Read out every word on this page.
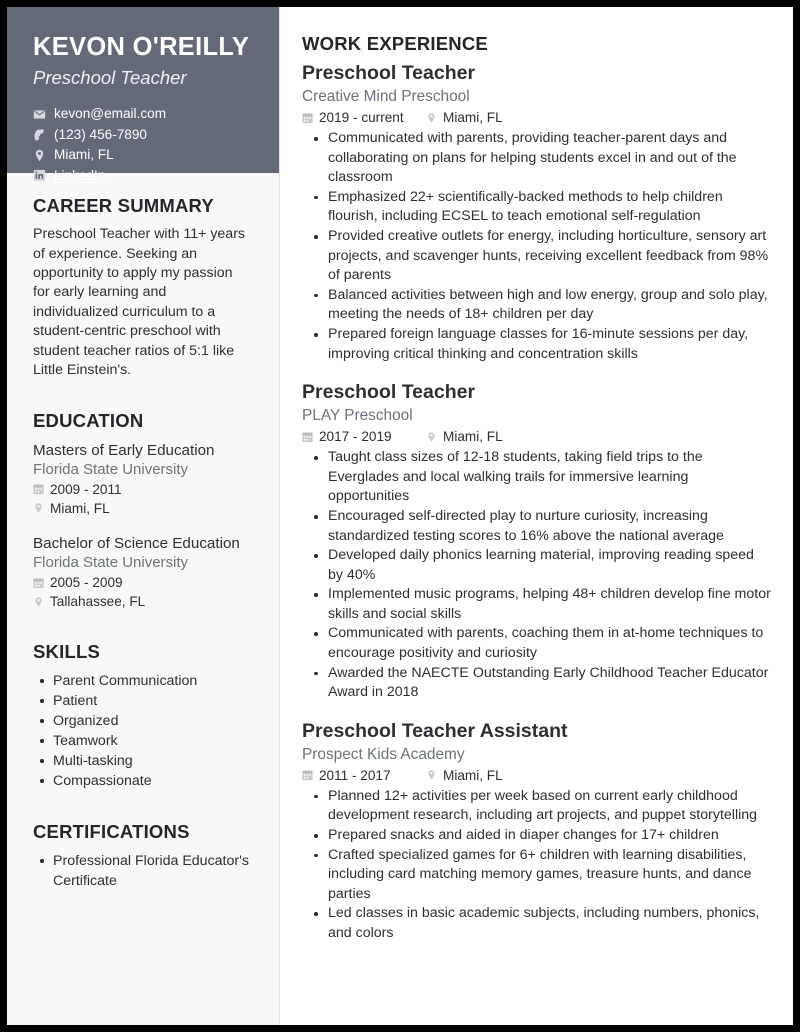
KEVON O'REILLY
Preschool Teacher
kevon@email.com
(123) 456-7890
Miami, FL
LinkedIn
CAREER SUMMARY

Preschool Teacher with 11+ years of experience. Seeking an opportunity to apply my passion for early learning and individualized curriculum to a student-centric preschool with student teacher ratios of 5:1 like Little Einstein's.

EDUCATION
Masters of Early Education
Florida State University
2009 - 2011
Miami, FL
Bachelor of Science Education
Florida State University
2005 - 2009
Tallahassee, FL
SKILLS
Parent Communication
Patient
Organized
Teamwork
Multi-tasking
Compassionate
CERTIFICATIONS
Professional Florida Educator's Certificate
WORK EXPERIENCE
Preschool Teacher
Creative Mind Preschool
2019 - current	Miami, FL
Communicated with parents, providing teacher-parent days and collaborating on plans for helping students excel in and out of the classroom
Emphasized 22+ scientifically-backed methods to help children flourish, including ECSEL to teach emotional self-regulation
Provided creative outlets for energy, including horticulture, sensory art projects, and scavenger hunts, receiving excellent feedback from 98% of parents
Balanced activities between high and low energy, group and solo play, meeting the needs of 18+ children per day
Prepared foreign language classes for 16-minute sessions per day, improving critical thinking and concentration skills
Preschool Teacher
PLAY Preschool
2017 - 2019	Miami, FL
Taught class sizes of 12-18 students, taking field trips to the Everglades and local walking trails for immersive learning opportunities
Encouraged self-directed play to nurture curiosity, increasing standardized testing scores to 16% above the national average
Developed daily phonics learning material, improving reading speed by 40%
Implemented music programs, helping 48+ children develop fine motor skills and social skills
Communicated with parents, coaching them in at-home techniques to encourage positivity and curiosity
Awarded the NAECTE Outstanding Early Childhood Teacher Educator Award in 2018
Preschool Teacher Assistant
Prospect Kids Academy
2011 - 2017	Miami, FL
Planned 12+ activities per week based on current early childhood development research, including art projects, and puppet storytelling
Prepared snacks and aided in diaper changes for 17+ children
Crafted specialized games for 6+ children with learning disabilities, including card matching memory games, treasure hunts, and dance parties
Led classes in basic academic subjects, including numbers, phonics, and colors
